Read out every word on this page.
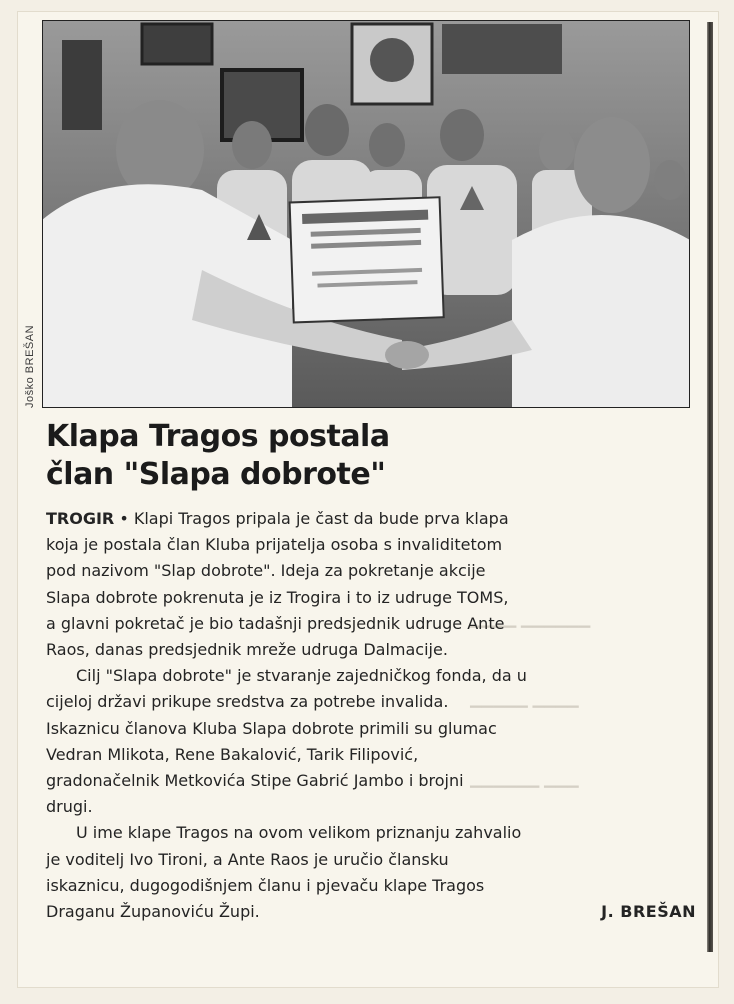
▁▁▁▁ ▁▁▁▁▁▁
▁▁▁▁▁ ▁▁▁▁
▁▁▁▁▁▁ ▁▁▁
Joško BREŠAN
Klapa Tragos postala
član "Slapa dobrote"
TROGIR • Klapi Tragos pripala je čast da bude prva klapa
koja je postala član Kluba prijatelja osoba s invaliditetom
pod nazivom "Slap dobrote". Ideja za pokretanje akcije
Slapa dobrote pokrenuta je iz Trogira i to iz udruge TOMS,
a glavni pokretač je bio tadašnji predsjednik udruge Ante
Raos, danas predsjednik mreže udruga Dalmacije.
Cilj "Slapa dobrote" je stvaranje zajedničkog fonda, da u
cijeloj državi prikupe sredstva za potrebe invalida.
Iskaznicu članova Kluba Slapa dobrote primili su glumac
Vedran Mlikota, Rene Bakalović, Tarik Filipović,
gradonačelnik Metkovića Stipe Gabrić Jambo i brojni
drugi.
U ime klape Tragos na ovom velikom priznanju zahvalio
je voditelj Ivo Tironi, a Ante Raos je uručio člansku
iskaznicu, dugogodišnjem članu i pjevaču klape Tragos
Draganu Županoviću Župi.	J. BREŠAN
